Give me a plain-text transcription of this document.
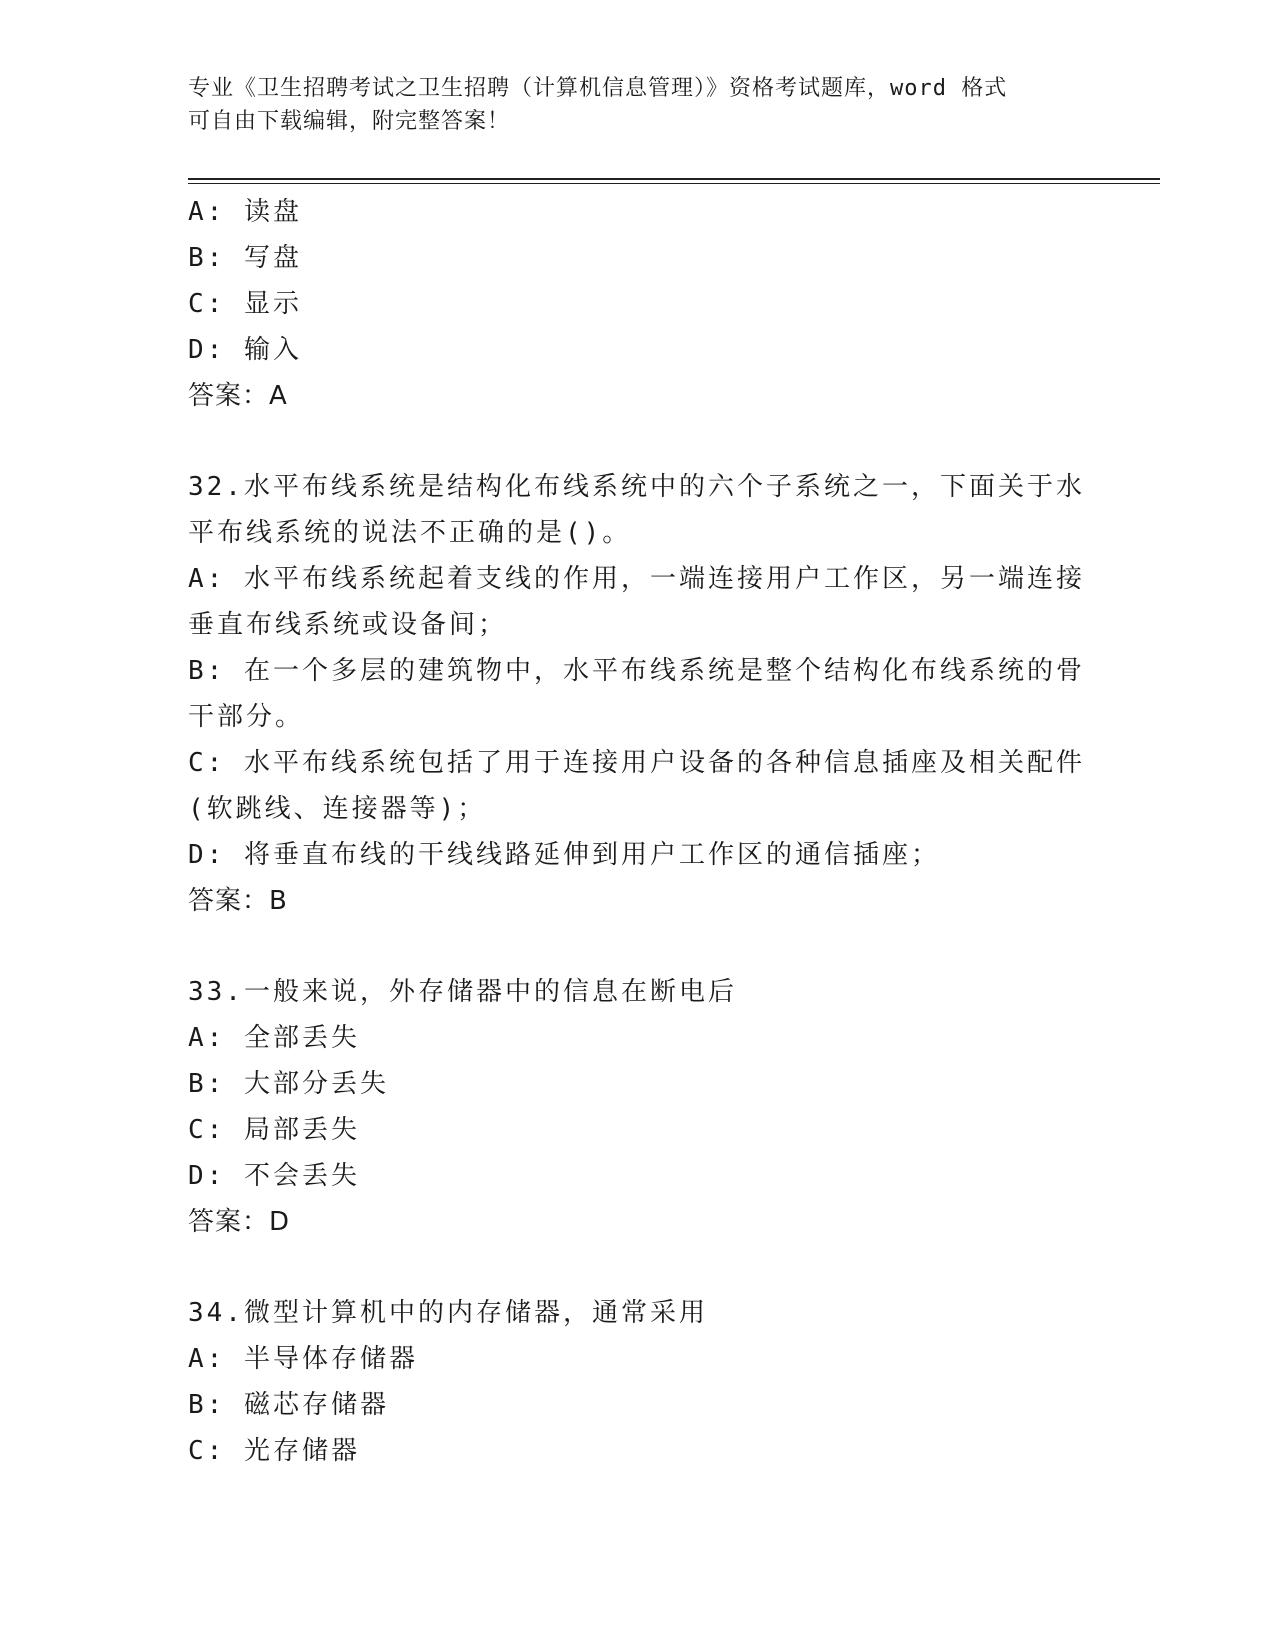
专业《卫生招聘考试之卫生招聘（计算机信息管理）》资格考试题库，word 格式
可自由下载编辑，附完整答案！
A: 读盘
B: 写盘
C: 显示
D: 输入
答案：A
32.水平布线系统是结构化布线系统中的六个子系统之一，下面关于水
平布线系统的说法不正确的是()。
A: 水平布线系统起着支线的作用，一端连接用户工作区，另一端连接
垂直布线系统或设备间；
B: 在一个多层的建筑物中，水平布线系统是整个结构化布线系统的骨
干部分。
C: 水平布线系统包括了用于连接用户设备的各种信息插座及相关配件
(软跳线、连接器等)；
D: 将垂直布线的干线线路延伸到用户工作区的通信插座；
答案：B
33.一般来说，外存储器中的信息在断电后
A: 全部丢失
B: 大部分丢失
C: 局部丢失
D: 不会丢失
答案：D
34.微型计算机中的内存储器，通常采用
A: 半导体存储器
B: 磁芯存储器
C: 光存储器
